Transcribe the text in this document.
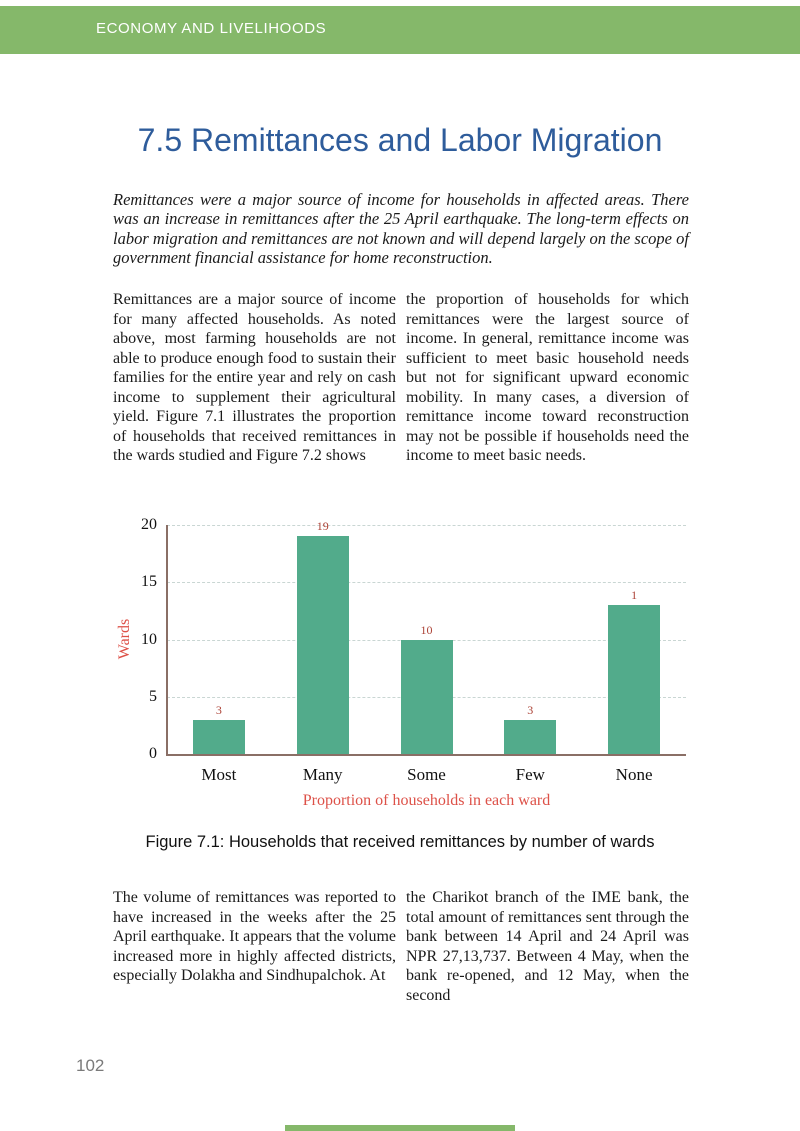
ECONOMY AND LIVELIHOODS
7.5 Remittances and Labor Migration

Remittances were a major source of income for households in affected areas. There was an increase in remittances after the 25 April earthquake. The long-term effects on labor migration and remittances are not known and will depend largely on the scope of government financial assistance for home reconstruction.

Remittances are a major source of income for many affected households. As noted above, most farming households are not able to produce enough food to sustain their families for the entire year and rely on cash income to supplement their agricultural yield. Figure 7.1 illustrates the proportion of households that received remittances in the wards studied and Figure 7.2 shows

the proportion of households for which remittances were the largest source of income. In general, remittance income was sufficient to meet basic household needs but not for significant upward economic mobility. In many cases, a diversion of remittance income toward reconstruction may not be possible if households need the income to meet basic needs.

0
5
10
15
20
3
Most
19
Many
10
Some
3
Few
1
None
Wards
Proportion of households in each ward

Figure 7.1: Households that received remittances by number of wards

The volume of remittances was reported to have increased in the weeks after the 25 April earthquake. It appears that the volume increased more in highly affected districts, especially Dolakha and Sindhupalchok. At

the Charikot branch of the IME bank, the total amount of remittances sent through the bank between 14 April and 24 April was NPR 27,13,737. Between 4 May, when the bank re-opened, and 12 May, when the second

102
